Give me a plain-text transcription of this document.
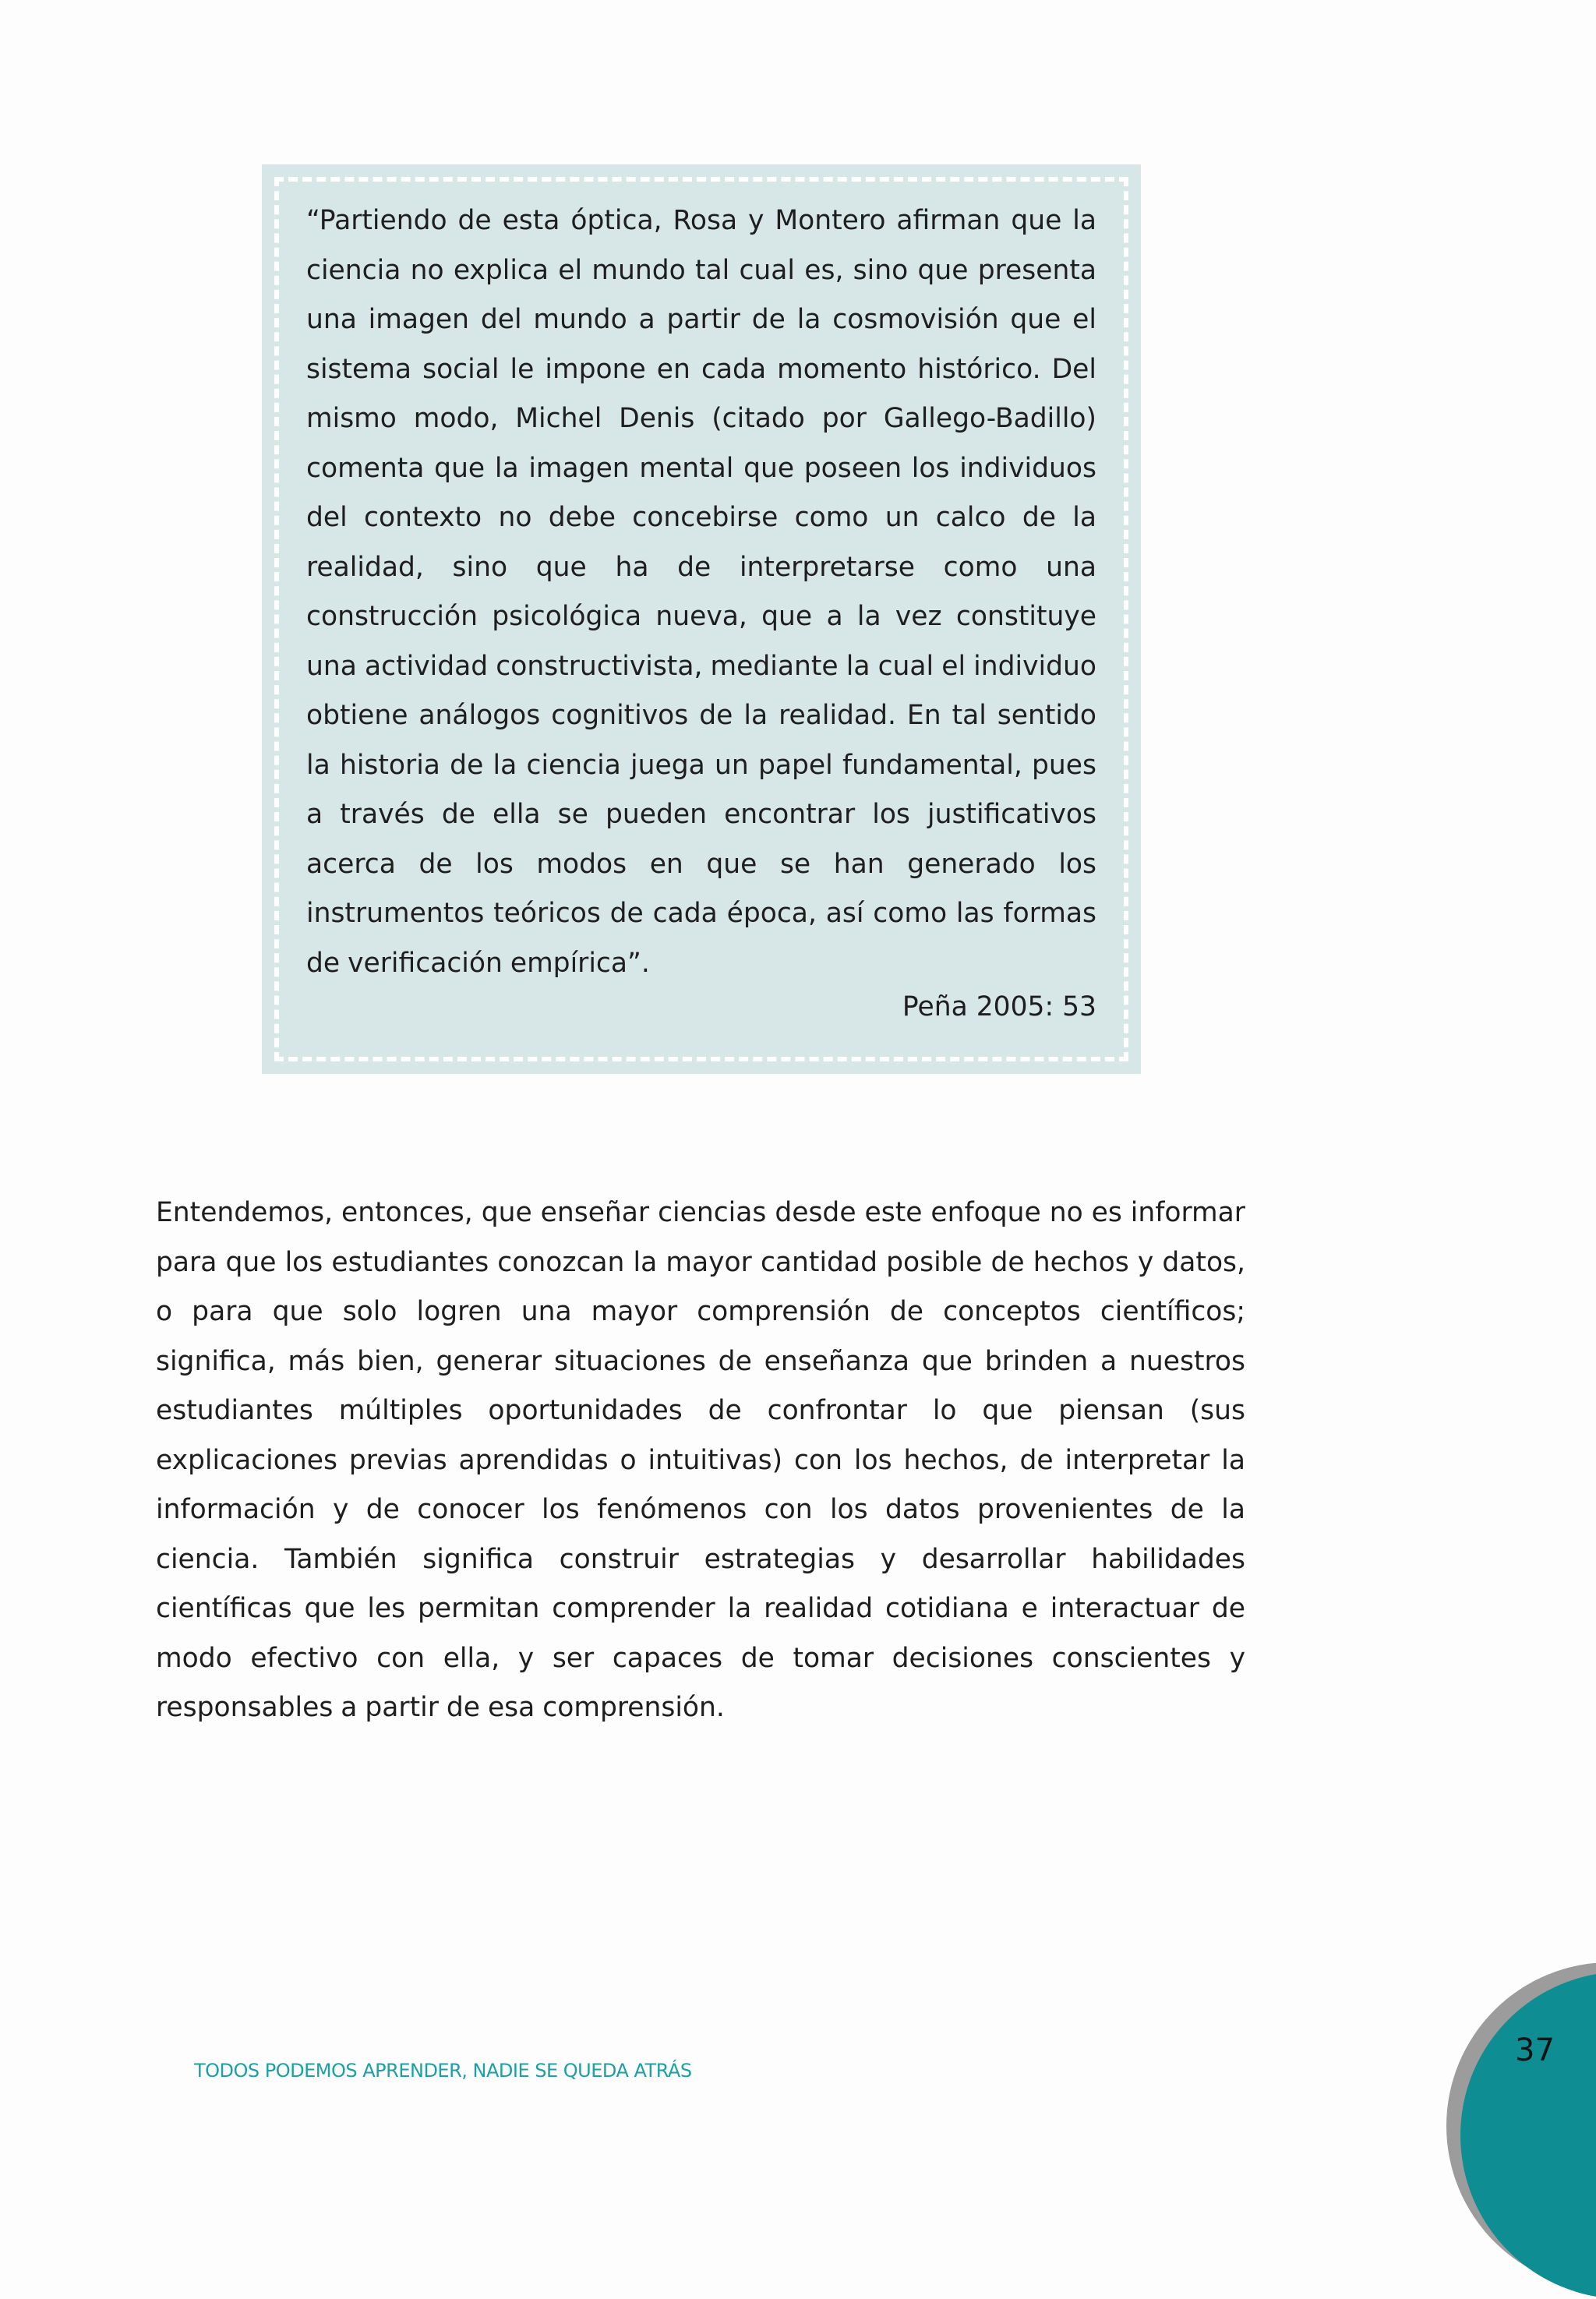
“Partiendo de esta óptica, Rosa y Montero afirman que la ciencia no explica el mundo tal cual es, sino que presenta una imagen del mundo a partir de la cosmovisión que el sistema social le impone en cada momento histórico. Del mismo modo, Michel Denis (citado por Gallego-Badillo) comenta que la imagen mental que poseen los individuos del contexto no debe concebirse como un calco de la realidad, sino que ha de interpretarse como una construcción psicológica nueva, que a la vez constituye una actividad constructivista, mediante la cual el individuo obtiene análogos cognitivos de la realidad. En tal sentido la historia de la ciencia juega un papel fundamental, pues a través de ella se pueden encontrar los justificativos acerca de los modos en que se han generado los instrumentos teóricos de cada época, así como las formas de verificación empírica”.

Peña 2005: 53

Entendemos, entonces, que enseñar ciencias desde este enfoque no es informar para que los estudiantes conozcan la mayor cantidad posible de hechos y datos, o para que solo logren una mayor comprensión de conceptos científicos; significa, más bien, generar situaciones de enseñanza que brinden a nuestros estudiantes múltiples oportunidades de confrontar lo que piensan (sus explicaciones previas aprendidas o intuitivas) con los hechos, de interpretar la información y de conocer los fenómenos con los datos provenientes de la ciencia. También significa construir estrategias y desarrollar habilidades científicas que les permitan comprender la realidad cotidiana e interactuar de modo efectivo con ella, y ser capaces de tomar decisiones conscientes y responsables a partir de esa comprensión.

TODOS PODEMOS APRENDER, NADIE SE QUEDA ATRÁS

37
